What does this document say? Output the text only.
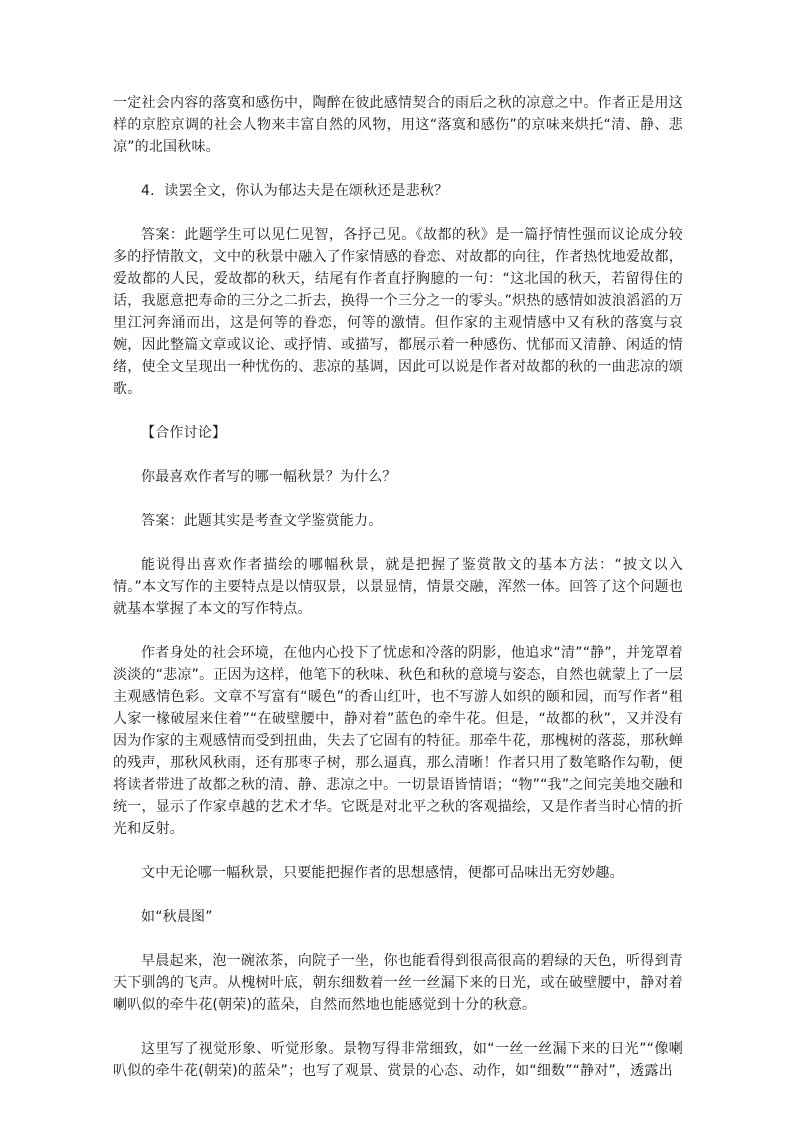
一定社会内容的落寞和感伤中，陶醉在彼此感情契合的雨后之秋的凉意之中。作者正是用这样的京腔京调的社会人物来丰富自然的风物，用这“落寞和感伤”的京味来烘托“清、静、悲凉”的北国秋味。

4．读罢全文，你认为郁达夫是在颂秋还是悲秋？

答案：此题学生可以见仁见智，各抒己见。《故都的秋》是一篇抒情性强而议论成分较多的抒情散文，文中的秋景中融入了作家情感的眷恋、对故都的向往，作者热忱地爱故都，爱故都的人民，爱故都的秋天，结尾有作者直抒胸臆的一句：“这北国的秋天，若留得住的话，我愿意把寿命的三分之二折去，换得一个三分之一的零头。”炽热的感情如波浪滔滔的万里江河奔涌而出，这是何等的眷恋，何等的激情。但作家的主观情感中又有秋的落寞与哀婉，因此整篇文章或议论、或抒情、或描写，都展示着一种感伤、忧郁而又清静、闲适的情绪，使全文呈现出一种忧伤的、悲凉的基调，因此可以说是作者对故都的秋的一曲悲凉的颂歌。

【合作讨论】

你最喜欢作者写的哪一幅秋景？为什么？

答案：此题其实是考查文学鉴赏能力。

能说得出喜欢作者描绘的哪幅秋景，就是把握了鉴赏散文的基本方法：“披文以入情。”本文写作的主要特点是以情驭景，以景显情，情景交融，浑然一体。回答了这个问题也就基本掌握了本文的写作特点。

作者身处的社会环境，在他内心投下了忧虑和冷落的阴影，他追求“清”“静”，并笼罩着淡淡的“悲凉”。正因为这样，他笔下的秋味、秋色和秋的意境与姿态，自然也就蒙上了一层主观感情色彩。文章不写富有“暖色”的香山红叶，也不写游人如织的颐和园，而写作者“租人家一椽破屋来住着”“在破壁腰中，静对着”蓝色的牵牛花。但是，“故都的秋”，又并没有因为作家的主观感情而受到扭曲，失去了它固有的特征。那牵牛花，那槐树的落蕊，那秋蝉的残声，那秋风秋雨，还有那枣子树，那么逼真，那么清晰！作者只用了数笔略作勾勒，便将读者带进了故都之秋的清、静、悲凉之中。一切景语皆情语；“物”“我”之间完美地交融和统一，显示了作家卓越的艺术才华。它既是对北平之秋的客观描绘，又是作者当时心情的折光和反射。

文中无论哪一幅秋景，只要能把握作者的思想感情，便都可品味出无穷妙趣。

如“秋晨图”

早晨起来，泡一碗浓茶，向院子一坐，你也能看得到很高很高的碧绿的天色，听得到青天下驯鸽的飞声。从槐树叶底，朝东细数着一丝一丝漏下来的日光，或在破壁腰中，静对着喇叭似的牵牛花(朝荣)的蓝朵，自然而然地也能感觉到十分的秋意。

这里写了视觉形象、听觉形象。景物写得非常细致，如“一丝一丝漏下来的日光”“像喇叭似的牵牛花(朝荣)的蓝朵”；也写了观景、赏景的心态、动作，如“细数”“静对”，透露出
